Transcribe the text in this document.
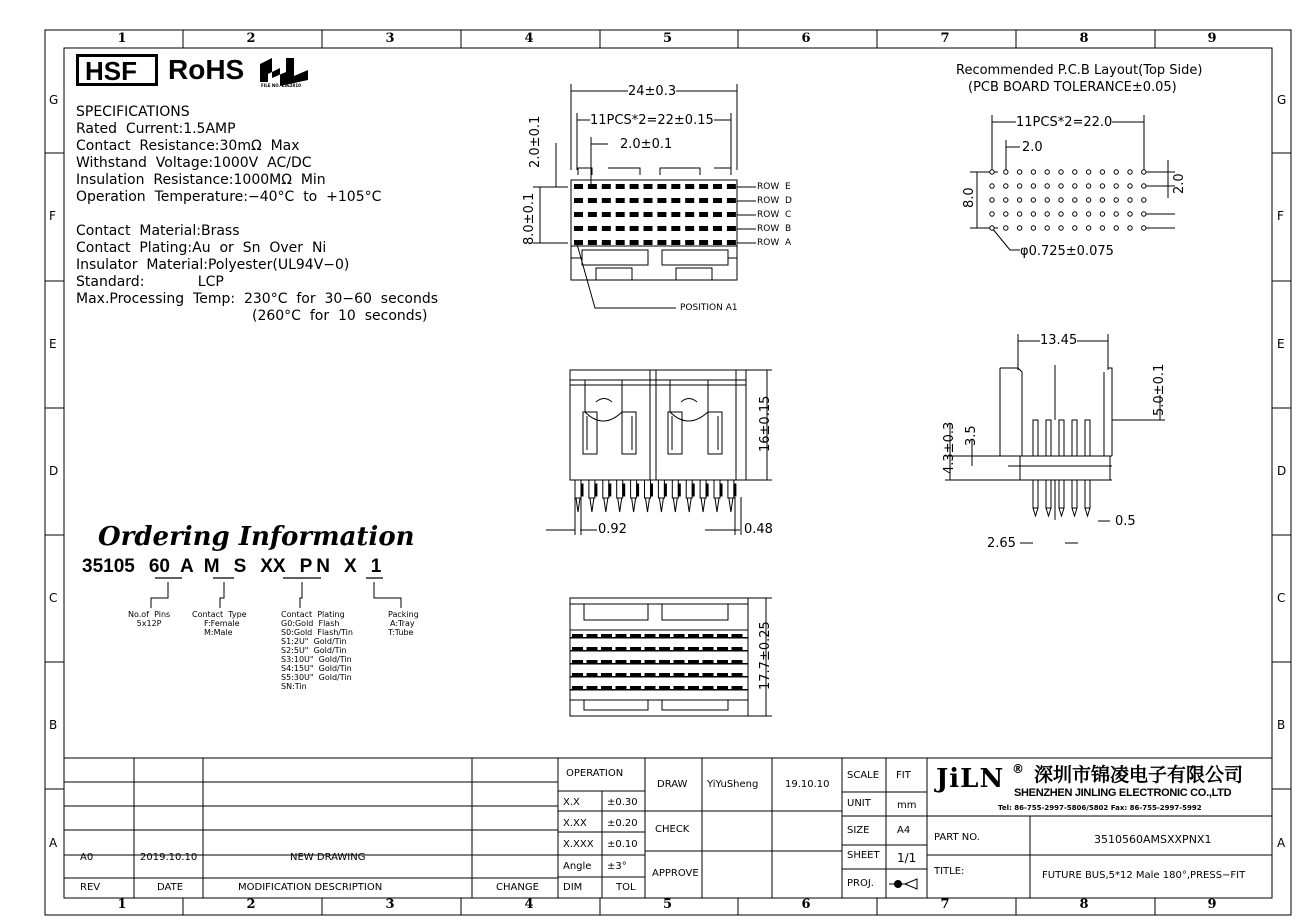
HSF RoHS
FILE NO. E362810
SPECIFICATIONS
Rated  Current:1.5AMP
Contact  Resistance:30mΩ  Max
Withstand  Voltage:1000V  AC/DC
Insulation  Resistance:1000MΩ  Min
Operation  Temperature:−40°C  to  +105°C
Contact  Material:Brass
Contact  Plating:Au  or  Sn  Over  Ni
Insulator  Material:Polyester(UL94V−0)
Standard:            LCP
Max.Processing  Temp:  230°C  for  30−60  seconds
(260°C  for  10  seconds)
Ordering Information
35105 60 A M S XX P N X 1
No.of  Pins
5x12P
Contact  Type
F:Female
M:Male
Contact  Plating
G0:Gold  Flash
S0:Gold  Flash/Tin
S1:2U"  Gold/Tin
S2:5U"  Gold/Tin
S3:10U"  Gold/Tin
S4:15U"  Gold/Tin
S5:30U"  Gold/Tin
SN:Tin
Packing
A:Tray
T:Tube
24±0.3
11PCS*2=22±0.15
2.0±0.1
2.0±0.1
8.0±0.1
ROW  E
ROW  D
ROW  C
ROW  B
ROW  A
POSITION A1
16±0.15
0.92	0.48
17.7±0.25
Recommended P.C.B Layout(Top Side)
(PCB BOARD TOLERANCE±0.05)
11PCS*2=22.0
2.0
8.0
2.0
φ0.725±0.075
13.45
5.0±0.1
4.3±0.3 3.5
2.65
0.5
A0	2019.10.10	NEW DRAWING
REV	DATE	MODIFICATION DESCRIPTION	CHANGE
OPERATION
X.X	±0.30
X.XX ±0.20
X.XXX ±0.10
Angle ±3°
DIM	TOL
DRAW YiYuSheng	19.10.10
CHECK
APPROVE
SCALE FIT
UNIT	mm
SIZE	A4
SHEET 1/1
PROJ.
JiLN ® 深圳市锦凌电子有限公司
SHENZHEN JINLING ELECTRONIC CO.,LTD
Tel: 86-755-2997-5806/5802 Fax: 86-755-2997-5992
PART NO.	3510560AMSXXPNX1
TITLE:	FUTURE BUS,5*12 Male 180°,PRESS−FIT
1
1
2
2
3
3
4
4
5
5
6
6
7
7
8
8
9
9
G	G
F	F
E	E
D	D
C	C
B	B
A	A
